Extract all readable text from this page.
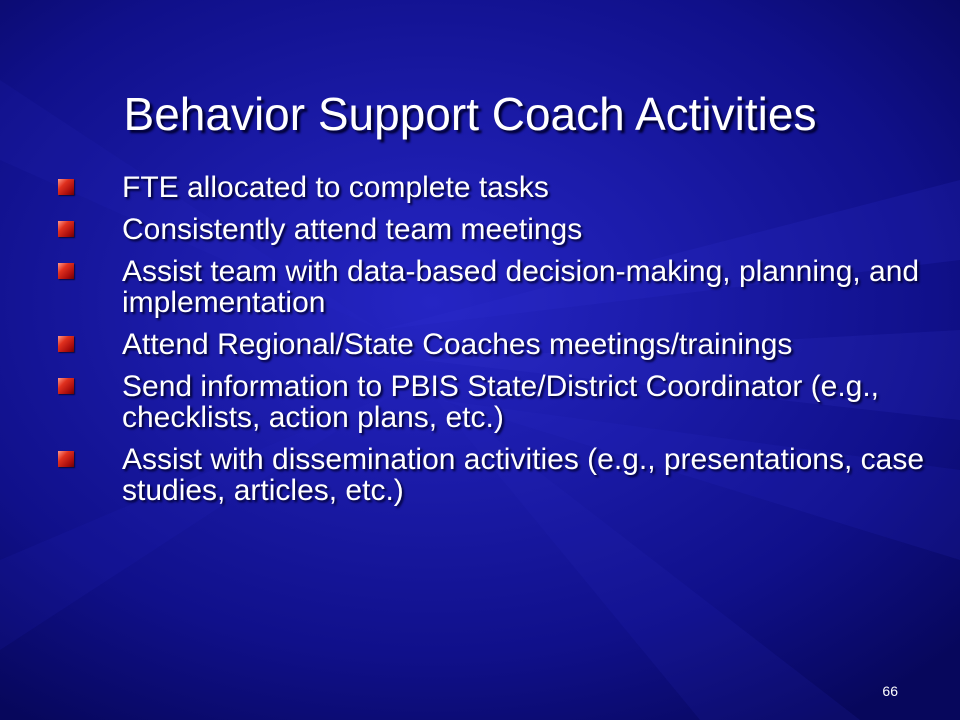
Behavior Support Coach Activities
FTE allocated to complete tasks
Consistently attend team meetings
Assist team with data-based decision-making, planning, and implementation
Attend Regional/State Coaches meetings/trainings
Send information to PBIS State/District Coordinator (e.g., checklists, action plans, etc.)
Assist with dissemination activities (e.g., presentations, case studies, articles, etc.)
66
